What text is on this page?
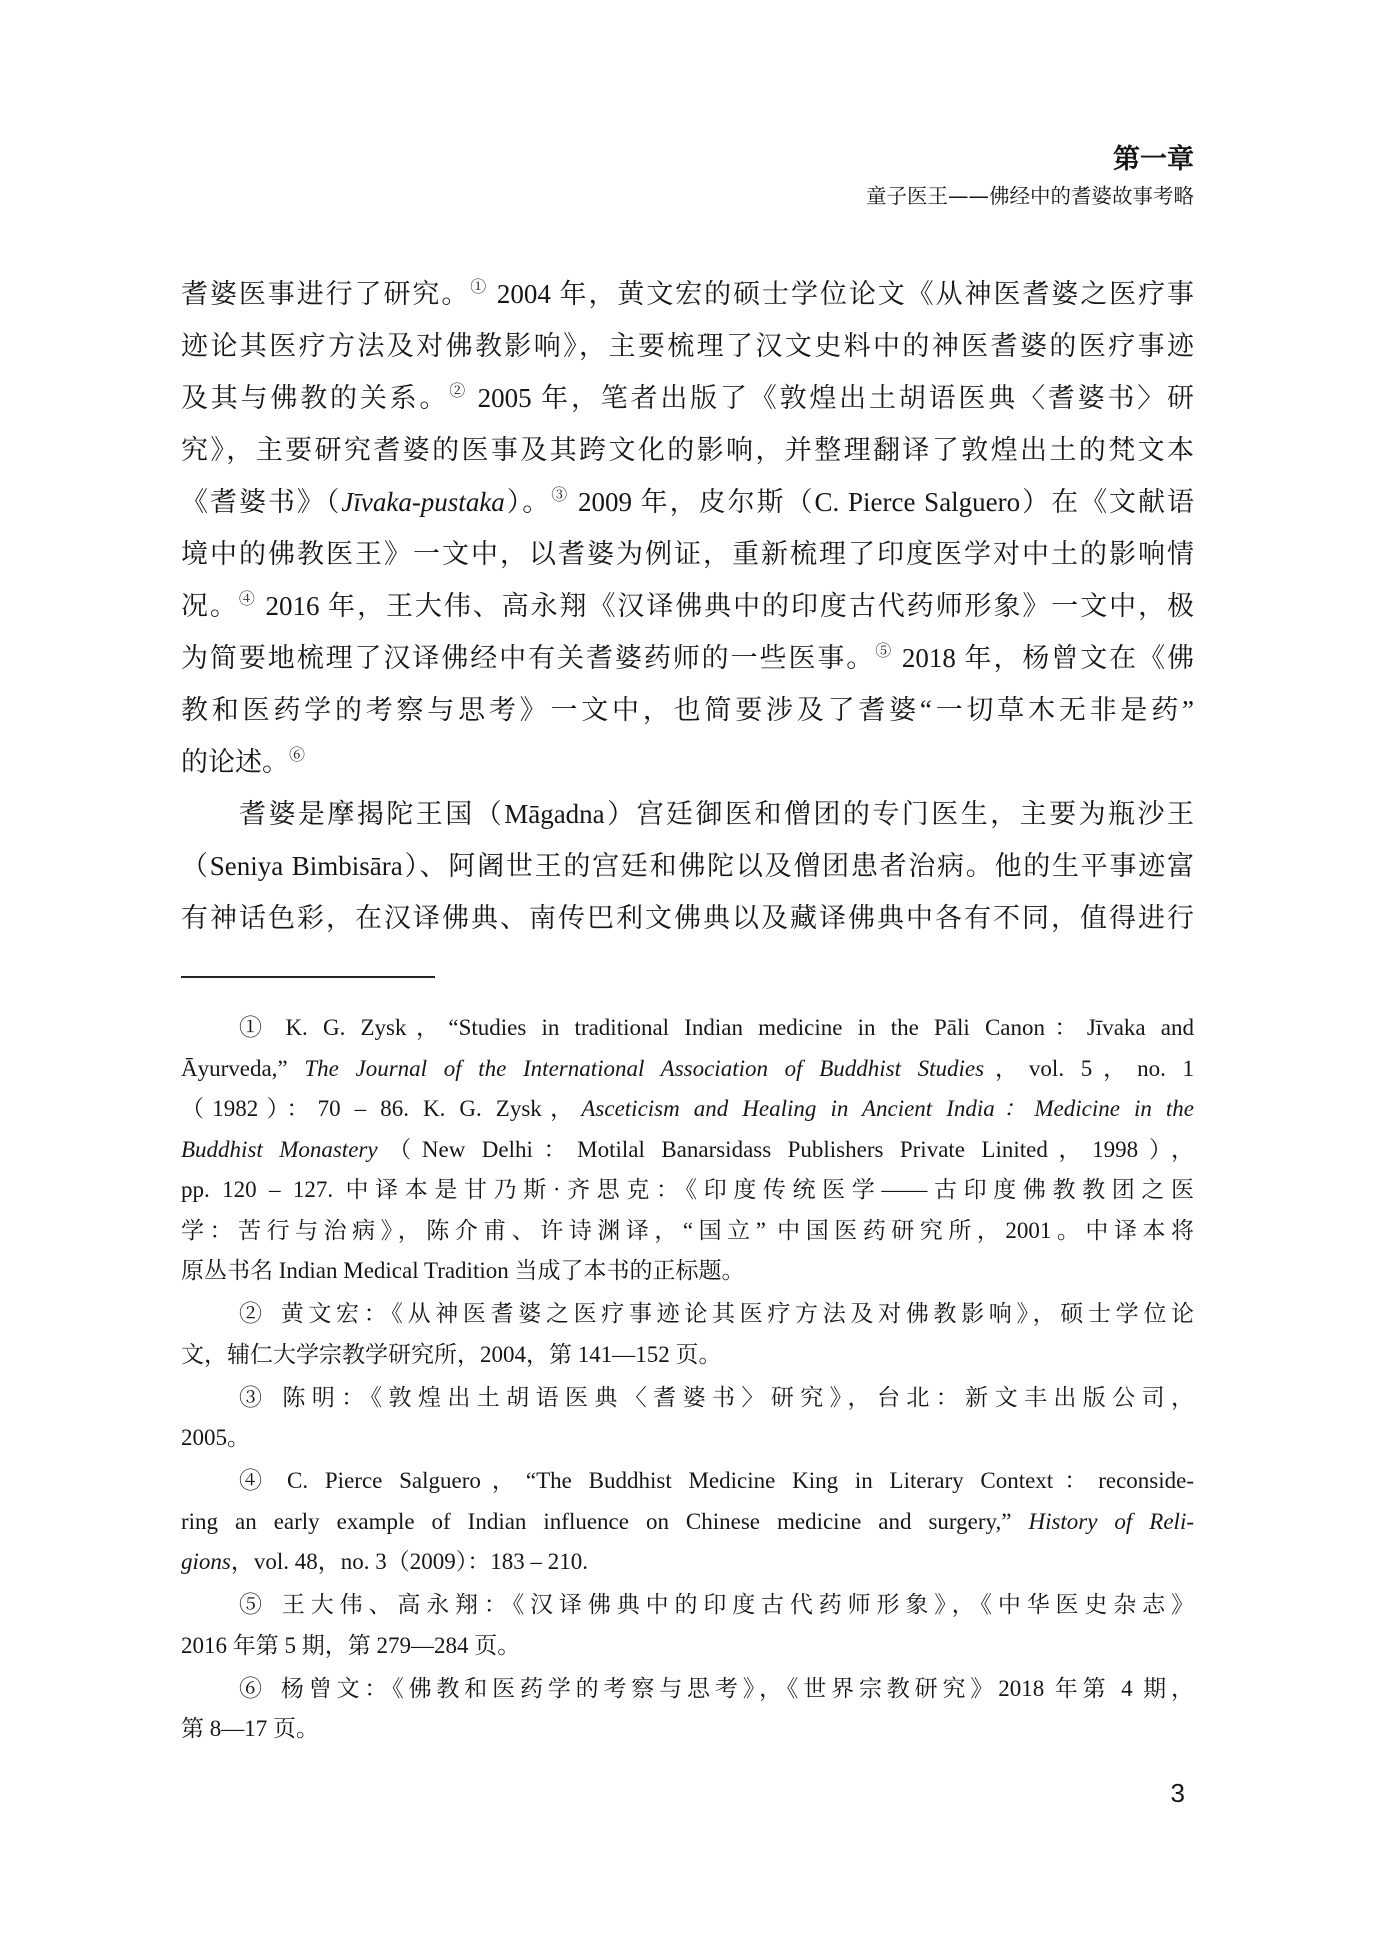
第一章
童子医王——佛经中的耆婆故事考略
耆婆医事进行了研究。① 2004 年，黄文宏的硕士学位论文《从神医耆婆之医疗事
迹论其医疗方法及对佛教影响》，主要梳理了汉文史料中的神医耆婆的医疗事迹
及其与佛教的关系。② 2005 年，笔者出版了《敦煌出土胡语医典〈耆婆书〉研
究》，主要研究耆婆的医事及其跨文化的影响，并整理翻译了敦煌出土的梵文本
《耆婆书》（Jīvaka-pustaka）。③ 2009 年，皮尔斯（C. Pierce Salguero）在《文献语
境中的佛教医王》一文中，以耆婆为例证，重新梳理了印度医学对中土的影响情
况。④ 2016 年，王大伟、高永翔《汉译佛典中的印度古代药师形象》一文中，极
为简要地梳理了汉译佛经中有关耆婆药师的一些医事。⑤ 2018 年，杨曾文在《佛
教和医药学的考察与思考》一文中，也简要涉及了耆婆“一切草木无非是药”
的论述。⑥
耆婆是摩揭陀王国（Māgadna）宫廷御医和僧团的专门医生，主要为瓶沙王
（Seniya Bimbisāra）、阿阇世王的宫廷和佛陀以及僧团患者治病。他的生平事迹富
有神话色彩，在汉译佛典、南传巴利文佛典以及藏译佛典中各有不同，值得进行
① K. G. Zysk，“Studies in traditional Indian medicine in the Pāli Canon：Jīvaka and
Āyurveda,” The Journal of the International Association of Buddhist Studies，vol. 5，no. 1
（1982）：70 – 86. K. G. Zysk，Asceticism and Healing in Ancient India：Medicine in the
Buddhist Monastery（New Delhi：Motilal Banarsidass Publishers Private Linited，1998），
pp. 120 – 127. 中译本是甘乃斯·齐思克：《印度传统医学——古印度佛教教团之医
学：苦行与治病》，陈介甫、许诗渊译，“国立” 中国医药研究所，2001。中译本将
原丛书名 Indian Medical Tradition 当成了本书的正标题。
② 黄文宏：《从神医耆婆之医疗事迹论其医疗方法及对佛教影响》，硕士学位论
文，辅仁大学宗教学研究所，2004，第 141—152 页。
③ 陈明：《敦煌出土胡语医典〈耆婆书〉研究》，台北：新文丰出版公司，
2005。
④ C. Pierce Salguero，“The Buddhist Medicine King in Literary Context：reconside-
ring an early example of Indian influence on Chinese medicine and surgery,” History of Reli-
gions，vol. 48，no. 3（2009）：183 – 210.
⑤ 王大伟、高永翔：《汉译佛典中的印度古代药师形象》，《中华医史杂志》
2016 年第 5 期，第 279—284 页。
⑥ 杨曾文：《佛教和医药学的考察与思考》，《世界宗教研究》2018 年第 4 期，
第 8—17 页。
3
